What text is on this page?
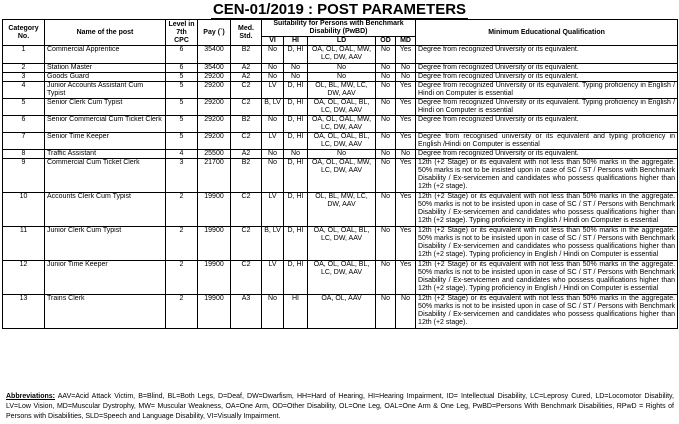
CEN-01/2019 : POST PARAMETERS
Category No.	Name of the post	Level in 7th CPC	Pay (`)	Med. Std.	Suitability for Persons with Benchmark Disability (PwBD)					Minimum Educational Qualification
					VI	HI	LD	OD	MD	
1	Commercial Apprentice	6	35400	B2	No	D, HI	OA, OL, OAL, MW, LC, DW, AAV	No	Yes	Degree from recognized University or its equivalent.
2	Station Master	6	35400	A2	No	No	No	No	No	Degree from recognized University or its equivalent.
3	Goods Guard	5	29200	A2	No	No	No	No	No	Degree from recognized University or its equivalent.
4	Junior Accounts Assistant Cum Typist	5	29200	C2	LV	D, HI	OL, BL, MW, LC, DW, AAV	No	Yes	Degree from recognized University or its equivalent. Typing proficiency in English / Hindi on Computer is essential
5	Senior Clerk Cum Typist	5	29200	C2	B, LV	D, HI	OA, OL, OAL, BL, LC, DW, AAV	No	Yes	Degree from recognized University or its equivalent. Typing proficiency in English / Hindi on Computer is essential
6	Senior Commercial Cum Ticket Clerk	5	29200	B2	No	D, HI	OA, OL, OAL, MW, LC, DW, AAV	No	Yes	Degree from recognized University or its equivalent.
7	Senior Time Keeper	5	29200	C2	LV	D, HI	OA, OL, OAL, BL, LC, DW, AAV	No	Yes	Degree from recognised university or its equivalent and typing proficiency in English /Hindi on Computer is essential
8	Traffic Assistant	4	25500	A2	No	No	No	No	No	Degree from recognized University or its equivalent.
9	Commercial Cum Ticket Clerk	3	21700	B2	No	D, HI	OA, OL, OAL, MW, LC, DW, AAV	No	Yes	12th (+2 Stage) or its equivalent with not less than 50% marks in the aggregate. 50% marks is not to be insisted upon in case of SC / ST / Persons with Benchmark Disability / Ex-servicemen and candidates who possess qualifications higher than 12th (+2 stage).
10	Accounts Clerk Cum Typist	2	19900	C2	LV	D, HI	OL, BL, MW, LC, DW, AAV	No	Yes	12th (+2 Stage) or its equivalent with not less than 50% marks in the aggregate. 50% marks is not to be insisted upon in case of SC / ST / Persons with Benchmark Disability / Ex-servicemen and candidates who possess qualifications higher than 12th (+2 stage). Typing proficiency in English / Hindi on Computer is essential
11	Junior Clerk Cum Typist	2	19900	C2	B, LV	D, HI	OA, OL, OAL, BL, LC, DW, AAV	No	Yes	12th (+2 Stage) or its equivalent with not less than 50% marks in the aggregate. 50% marks is not to be insisted upon in case of SC / ST / Persons with Benchmark Disability / Ex-servicemen and candidates who possess qualifications higher than 12th (+2 stage). Typing proficiency in English / Hindi on Computer is essential
12	Junior Time Keeper	2	19900	C2	LV	D, HI	OA, OL, OAL, BL, LC, DW, AAV	No	Yes	12th (+2 Stage) or its equivalent with not less than 50% marks in the aggregate. 50% marks is not to be insisted upon in case of SC / ST / Persons with Benchmark Disability / Ex-servicemen and candidates who possess qualifications higher than 12th (+2 stage). Typing proficiency in English / Hindi on Computer is essential
13	Trains Clerk	2	19900	A3	No	HI	OA, OL, AAV	No	No	12th (+2 Stage) or its equivalent with not less than 50% marks in the aggregate. 50% marks is not to be insisted upon in case of SC / ST / Persons with Benchmark Disability / Ex-servicemen and candidates who possess qualifications higher than 12th (+2 stage).
Abbreviations: AAV=Acid Attack Victim, B=Blind, BL=Both Legs, D=Deaf, DW=Dwarfism, HH=Hard of Hearing, HI=Hearing Impairment, ID= Intellectual Disability, LC=Leprosy Cured, LD=Locomotor Disability, LV=Low Vision, MD=Muscular Dystrophy, MW= Muscular Weakness, OA=One Arm, OD=Other Disability, OL=One Leg, OAL=One Arm & One Leg, PwBD=Persons With Benchmark Disabilities, RPwD = Rights of Persons with Disabilities, SLD=Speech and Language Disability, VI=Visually Impairment.
